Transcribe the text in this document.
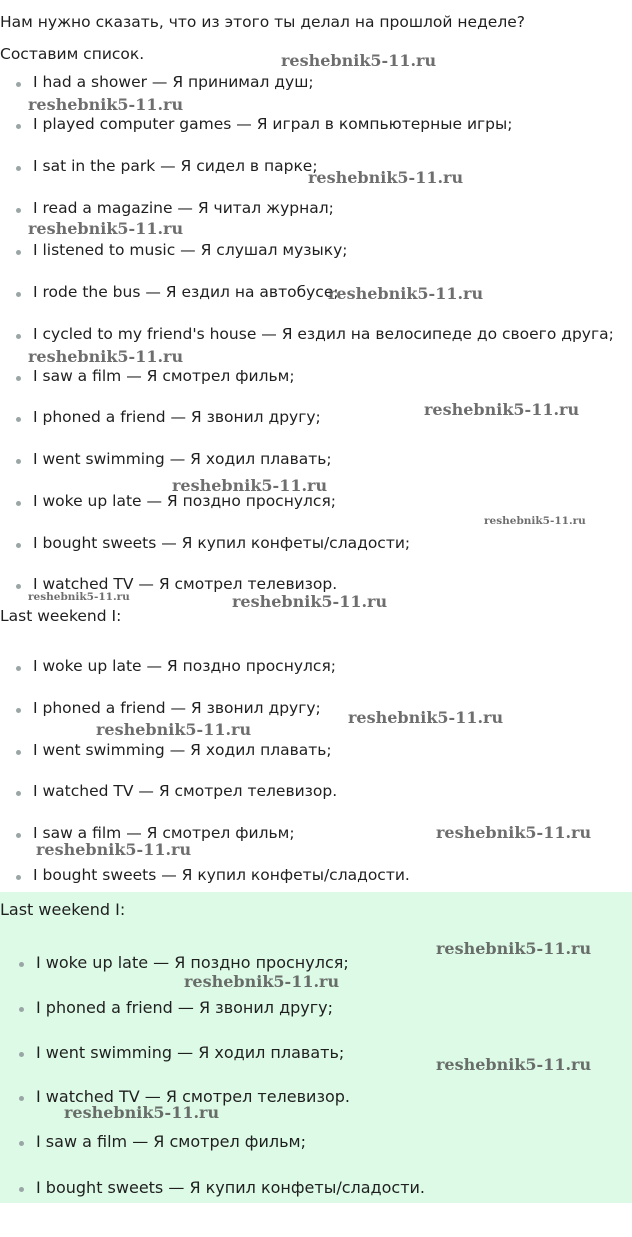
Нам нужно сказать, что из этого ты делал на прошлой неделе? Составим список.

I had a shower — Я принимал душ;
I played computer games — Я играл в компьютерные игры;
I sat in the park — Я сидел в парке;
I read a magazine — Я читал журнал;
I listened to music — Я слушал музыку;
I rode the bus — Я ездил на автобусе;
I cycled to my friend's house — Я ездил на велосипеде до своего друга;
I saw a film — Я смотрел фильм;
I phoned a friend — Я звонил другу;
I went swimming — Я ходил плавать;
I woke up late — Я поздно проснулся;
I bought sweets — Я купил конфеты/сладости;
I watched TV — Я смотрел телевизор.
Last weekend I:
I woke up late — Я поздно проснулся;
I phoned a friend — Я звонил другу;
I went swimming — Я ходил плавать;
I watched TV — Я смотрел телевизор.
I saw a film — Я смотрел фильм;
I bought sweets — Я купил конфеты/сладости.
Last weekend I:
I woke up late — Я поздно проснулся;
I phoned a friend — Я звонил другу;
I went swimming — Я ходил плавать;
I watched TV — Я смотрел телевизор.
I saw a film — Я смотрел фильм;
I bought sweets — Я купил конфеты/сладости.
reshebnik5-11.ru
reshebnik5-11.ru
reshebnik5-11.ru
reshebnik5-11.ru
reshebnik5-11.ru
reshebnik5-11.ru
reshebnik5-11.ru
reshebnik5-11.ru
reshebnik5-11.ru
reshebnik5-11.ru	reshebnik5-11.ru
reshebnik5-11.ru
reshebnik5-11.ru
reshebnik5-11.ru
reshebnik5-11.ru
reshebnik5-11.ru
reshebnik5-11.ru
reshebnik5-11.ru
reshebnik5-11.ru
